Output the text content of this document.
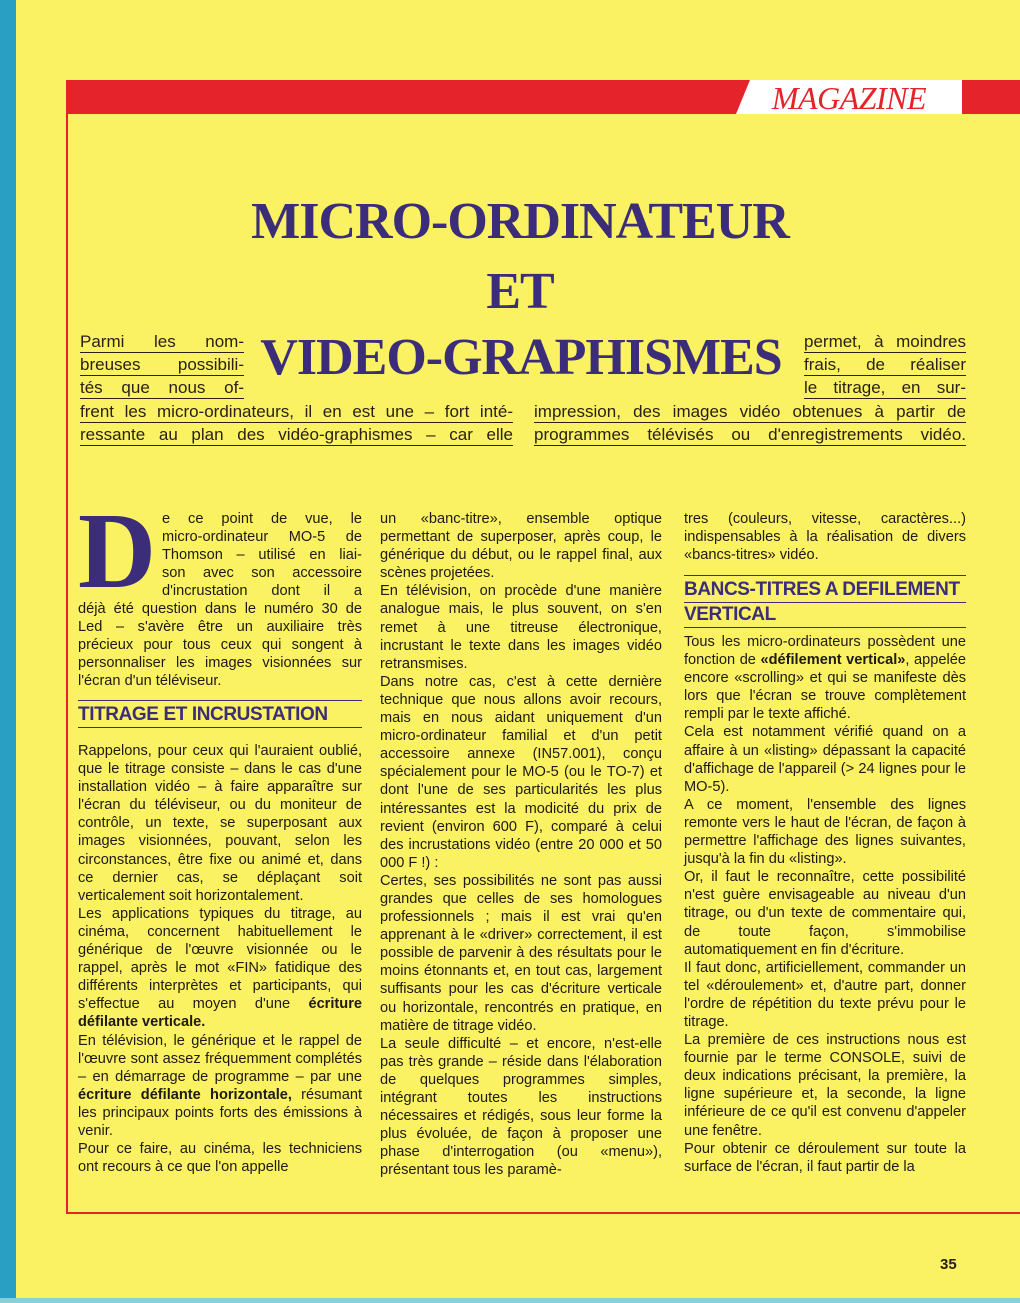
MAGAZINE
MICRO-ORDINATEUR
ET
VIDEO-GRAPHISMES
Parmi les nom-
breuses possibili-
tés que nous of-
permet, à moindres
frais, de réaliser
le titrage, en sur-
frent les micro-ordinateurs, il en est une – fort inté-
ressante au plan des vidéo-graphismes – car elle
impression, des images vidéo obtenues à partir de
programmes télévisés ou d'enregistrements vidéo.
D e ce point de vue, le

micro-ordinateur MO-5 de

Thomson – utilisé en liai-

son avec son accessoire

d'incrustation dont il a

déjà été question dans le numéro 30 de Led – s'avère être un auxiliaire très précieux pour tous ceux qui songent à personnaliser les images visionnées sur l'écran d'un téléviseur.

TITRAGE ET INCRUSTATION

Rappelons, pour ceux qui l'auraient oublié, que le titrage consiste – dans le cas d'une installation vidéo – à faire apparaître sur l'écran du téléviseur, ou du moniteur de contrôle, un texte, se superposant aux images visionnées, pouvant, selon les circonstances, être fixe ou animé et, dans ce dernier cas, se déplaçant soit verticalement soit horizontalement.

Les applications typiques du titrage, au cinéma, concernent habituellement le générique de l'œuvre visionnée ou le rappel, après le mot «FIN» fatidique des différents interprètes et participants, qui s'effectue au moyen d'une écriture défilante verticale.

En télévision, le générique et le rappel de l'œuvre sont assez fréquemment complétés – en démarrage de programme – par une écriture défilante horizontale, résumant les principaux points forts des émissions à venir.

Pour ce faire, au cinéma, les techniciens ont recours à ce que l'on appelle

un «banc-titre», ensemble optique permettant de superposer, après coup, le générique du début, ou le rappel final, aux scènes projetées.

En télévision, on procède d'une manière analogue mais, le plus souvent, on s'en remet à une titreuse électronique, incrustant le texte dans les images vidéo retransmises.

Dans notre cas, c'est à cette dernière technique que nous allons avoir recours, mais en nous aidant uniquement d'un micro-ordinateur familial et d'un petit accessoire annexe (IN57.001), conçu spécialement pour le MO-5 (ou le TO-7) et dont l'une de ses particularités les plus intéressantes est la modicité du prix de revient (environ 600 F), comparé à celui des incrustations vidéo (entre 20 000 et 50 000 F !) :

Certes, ses possibilités ne sont pas aussi grandes que celles de ses homologues professionnels ; mais il est vrai qu'en apprenant à le «driver» correctement, il est possible de parvenir à des résultats pour le moins étonnants et, en tout cas, largement suffisants pour les cas d'écriture verticale ou horizontale, rencontrés en pratique, en matière de titrage vidéo.

La seule difficulté – et encore, n'est-elle pas très grande – réside dans l'élaboration de quelques programmes simples, intégrant toutes les instructions nécessaires et rédigés, sous leur forme la plus évoluée, de façon à proposer une phase d'interrogation (ou «menu»), présentant tous les paramè-

tres (couleurs, vitesse, caractères...) indispensables à la réalisation de divers «bancs-titres» vidéo.

BANCS-TITRES A DEFILEMENT
VERTICAL

Tous les micro-ordinateurs possèdent une fonction de «défilement vertical», appelée encore «scrolling» et qui se manifeste dès lors que l'écran se trouve complètement rempli par le texte affiché.

Cela est notamment vérifié quand on a affaire à un «listing» dépassant la capacité d'affichage de l'appareil (> 24 lignes pour le MO-5).

A ce moment, l'ensemble des lignes remonte vers le haut de l'écran, de façon à permettre l'affichage des lignes suivantes, jusqu'à la fin du «listing».

Or, il faut le reconnaître, cette possibilité n'est guère envisageable au niveau d'un titrage, ou d'un texte de commentaire qui, de toute façon, s'immobilise automatiquement en fin d'écriture.

Il faut donc, artificiellement, commander un tel «déroulement» et, d'autre part, donner l'ordre de répétition du texte prévu pour le titrage.

La première de ces instructions nous est fournie par le terme CONSOLE, suivi de deux indications précisant, la première, la ligne supérieure et, la seconde, la ligne inférieure de ce qu'il est convenu d'appeler une fenêtre.

Pour obtenir ce déroulement sur toute la surface de l'écran, il faut partir de la

35
